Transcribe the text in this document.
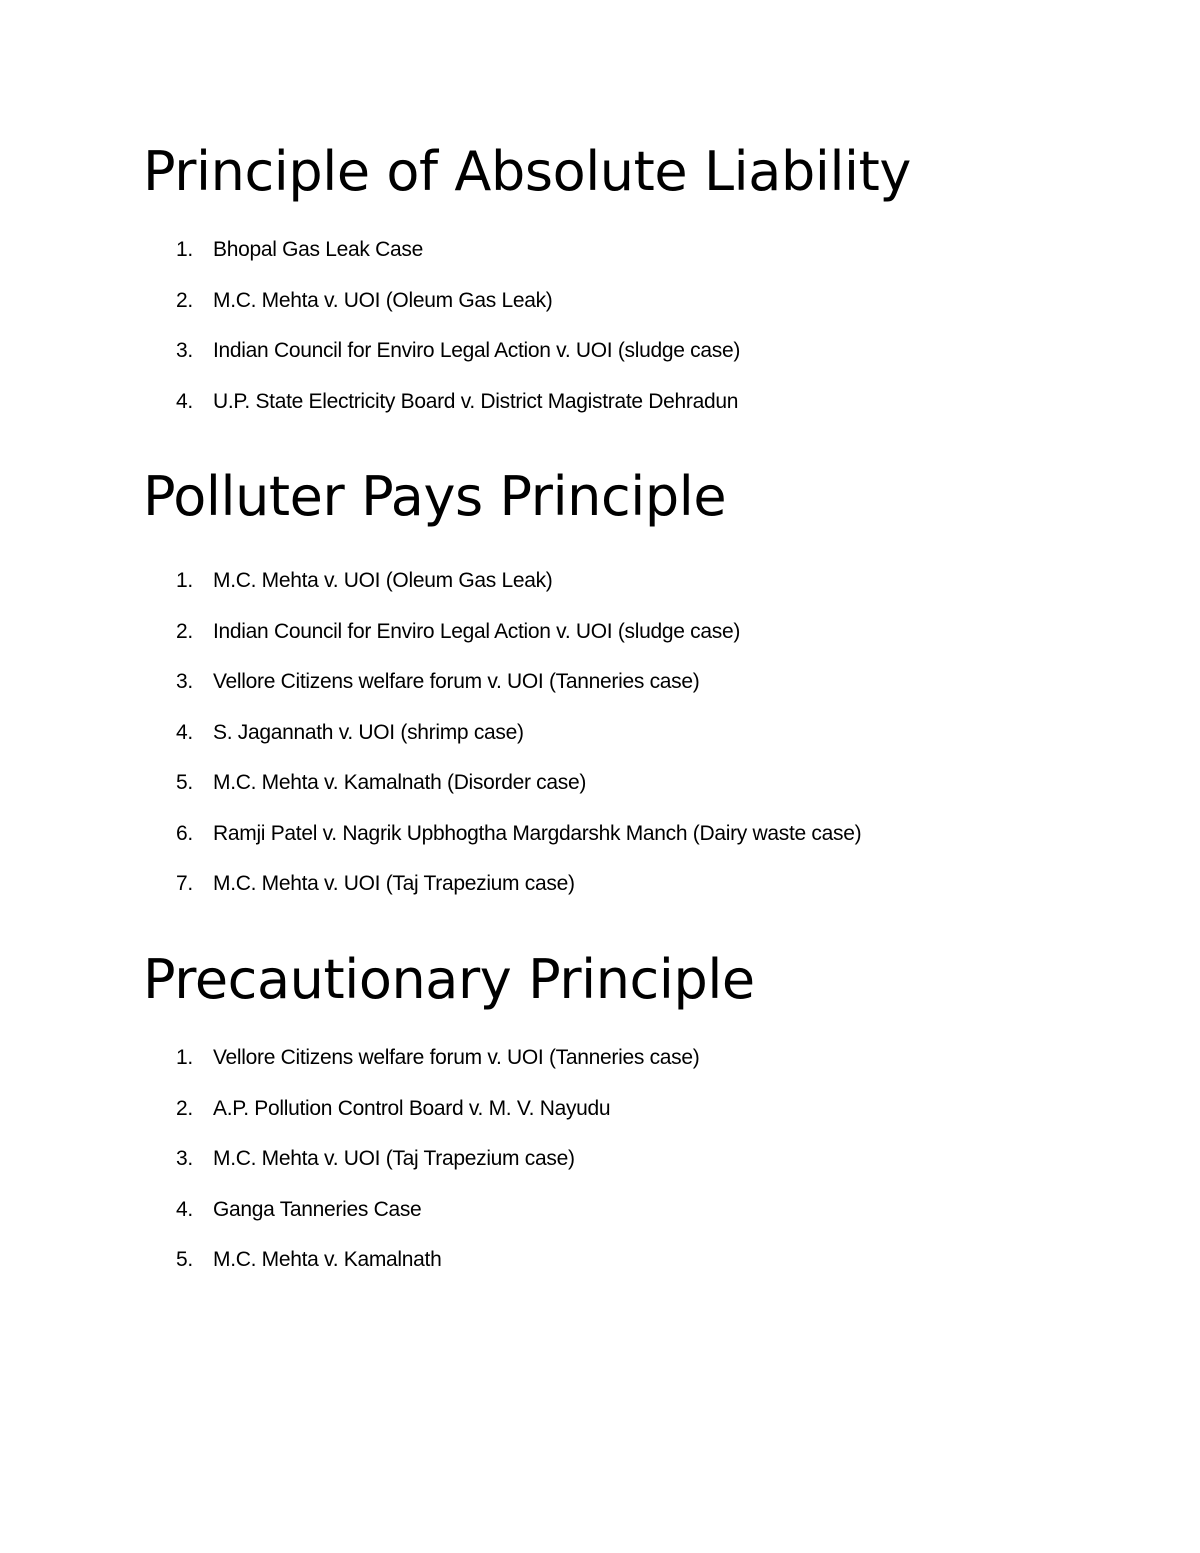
Principle of Absolute Liability
1. Bhopal Gas Leak Case
2. M.C. Mehta v. UOI (Oleum Gas Leak)
3. Indian Council for Enviro Legal Action v. UOI (sludge case)
4. U.P. State Electricity Board v. District Magistrate Dehradun
Polluter Pays Principle
1. M.C. Mehta v. UOI (Oleum Gas Leak)
2. Indian Council for Enviro Legal Action v. UOI (sludge case)
3. Vellore Citizens welfare forum v. UOI (Tanneries case)
4. S. Jagannath v. UOI (shrimp case)
5. M.C. Mehta v. Kamalnath (Disorder case)
6. Ramji Patel v. Nagrik Upbhogtha Margdarshk Manch (Dairy waste case)
7. M.C. Mehta v. UOI (Taj Trapezium case)
Precautionary Principle
1. Vellore Citizens welfare forum v. UOI (Tanneries case)
2. A.P. Pollution Control Board v. M. V. Nayudu
3. M.C. Mehta v. UOI (Taj Trapezium case)
4. Ganga Tanneries Case
5. M.C. Mehta v. Kamalnath
